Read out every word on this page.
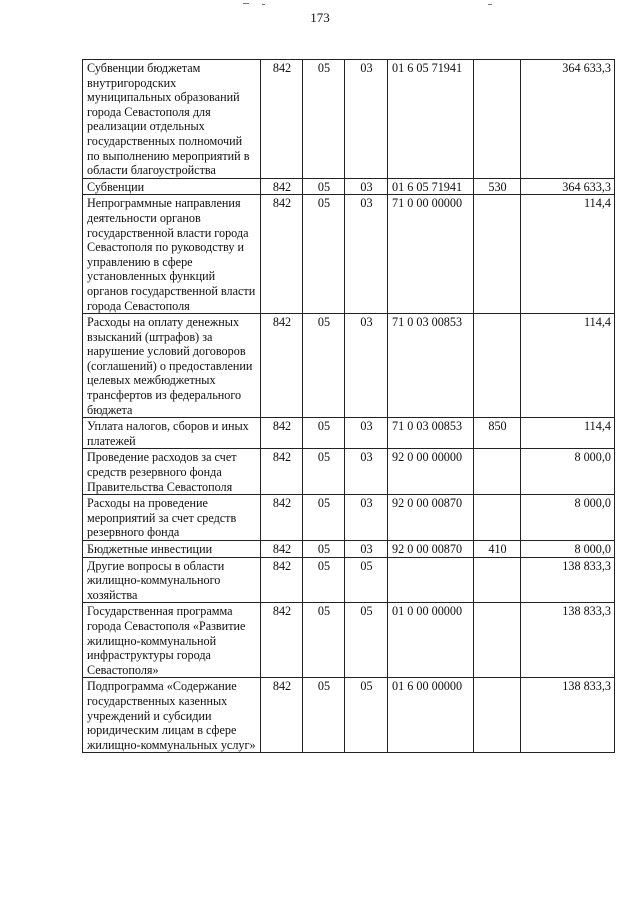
173
Субвенции бюджетам внутригородских муниципальных образований города Севастополя для реализации отдельных государственных полномочий по выполнению мероприятий в области благоустройства	842	05	03	01 6 05 71941		364 633,3
Субвенции	842	05	03	01 6 05 71941	530	364 633,3
Непрограммные направления деятельности органов государственной власти города Севастополя по руководству и управлению в сфере установленных функций органов государственной власти города Севастополя	842	05	03	71 0 00 00000		114,4
Расходы на оплату денежных взысканий (штрафов) за нарушение условий договоров (соглашений) о предоставлении целевых межбюджетных трансфертов из федерального бюджета	842	05	03	71 0 03 00853		114,4
Уплата налогов, сборов и иных платежей	842	05	03	71 0 03 00853	850	114,4
Проведение расходов за счет средств резервного фонда Правительства Севастополя	842	05	03	92 0 00 00000		8 000,0
Расходы на проведение мероприятий за счет средств резервного фонда	842	05	03	92 0 00 00870		8 000,0
Бюджетные инвестиции	842	05	03	92 0 00 00870	410	8 000,0
Другие вопросы в области жилищно-коммунального хозяйства	842	05	05			138 833,3
Государственная программа города Севастополя «Развитие жилищно-коммунальной инфраструктуры города Севастополя»	842	05	05	01 0 00 00000		138 833,3
Подпрограмма «Содержание государственных казенных учреждений и субсидии юридическим лицам в сфере жилищно-коммунальных услуг»	842	05	05	01 6 00 00000		138 833,3
